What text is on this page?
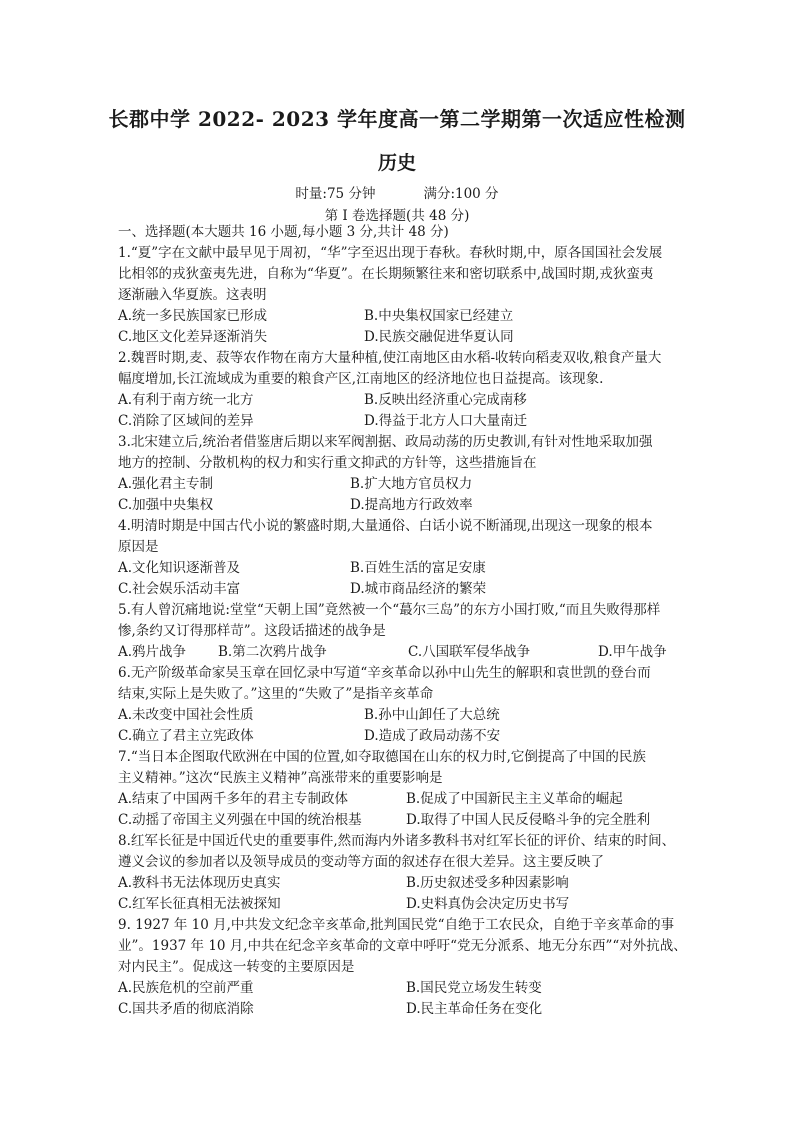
长郡中学 2022- 2023 学年度高一第二学期第一次适应性检测
历史
时量:75 分钟	满分:100 分
第 I 卷选择题(共 48 分)
一、选择题(本大题共 16 小题,每小题 3 分,共计 48 分)
1.“夏”字在文献中最早见于周初，“华”字至迟出现于春秋。春秋时期,中，原各国国社会发展
比相邻的戎狄蛮夷先进，自称为“华夏”。在长期频繁往来和密切联系中,战国时期,戎狄蛮夷
逐渐融入华夏族。这表明
A.统一多民族国家已形成	B.中央集权国家已经建立
C.地区文化差异逐渐消失	D.民族交融促进华夏认同
2.魏晋时期,麦、菽等农作物在南方大量种植,使江南地区由水稻-收转向稻麦双收,粮食产量大
幅度增加,长江流域成为重要的粮食产区,江南地区的经济地位也日益提高。该现象.
A.有利于南方统一北方	B.反映出经济重心完成南移
C.消除了区域间的差异	D.得益于北方人口大量南迁
3.北宋建立后,统治者借鉴唐后期以来军阀割据、政局动荡的历史教训,有针对性地采取加强
地方的控制、分散机构的权力和实行重文抑武的方针等，这些措施旨在
A.强化君主专制	B.扩大地方官员权力
C.加强中央集权	D.提高地方行政效率
4.明清时期是中国古代小说的繁盛时期,大量通俗、白话小说不断涌现,出现这一现象的根本
原因是
A.文化知识逐渐普及	B.百姓生活的富足安康
C.社会娱乐活动丰富	D.城市商品经济的繁荣
5.有人曾沉痛地说:堂堂“天朝上国”竟然被一个“蕞尔三岛”的东方小国打败,“而且失败得那样
惨,条约又订得那样苛”。这段话描述的战争是
A.鸦片战争 B.第二次鸦片战争	C.八国联军侵华战争	D.甲午战争
6.无产阶级革命家吴玉章在回忆录中写道“辛亥革命以孙中山先生的解职和袁世凯的登台而
结束,实际上是失败了。”这里的“失败了”是指辛亥革命
A.未改变中国社会性质	B.孙中山卸任了大总统
C.确立了君主立宪政体	D.造成了政局动荡不安
7.“当日本企图取代欧洲在中国的位置,如夺取德国在山东的权力时,它倒提高了中国的民族
主义精神。”这次“民族主义精神”高涨带来的重要影响是
A.结束了中国两千多年的君主专制政体	B.促成了中国新民主主义革命的崛起
C.动摇了帝国主义列强在中国的统治根基	D.取得了中国人民反侵略斗争的完全胜利
8.红军长征是中国近代史的重要事件,然而海内外诸多教科书对红军长征的评价、结束的时间、
遵义会议的参加者以及领导成员的变动等方面的叙述存在很大差异。这主要反映了
A.教科书无法体现历史真实	B.历史叙述受多种因素影响
C.红军长征真相无法被探知	D.史料真伪会决定历史书写
9. 1927 年 10 月,中共发文纪念辛亥革命,批判国民党“自绝于工农民众，自绝于辛亥革命的事
业”。1937 年 10 月,中共在纪念辛亥革命的文章中呼吁“党无分派系、地无分东西”“对外抗战、
对内民主”。促成这一转变的主要原因是
A.民族危机的空前严重	B.国民党立场发生转变
C.国共矛盾的彻底消除	D.民主革命任务在变化
